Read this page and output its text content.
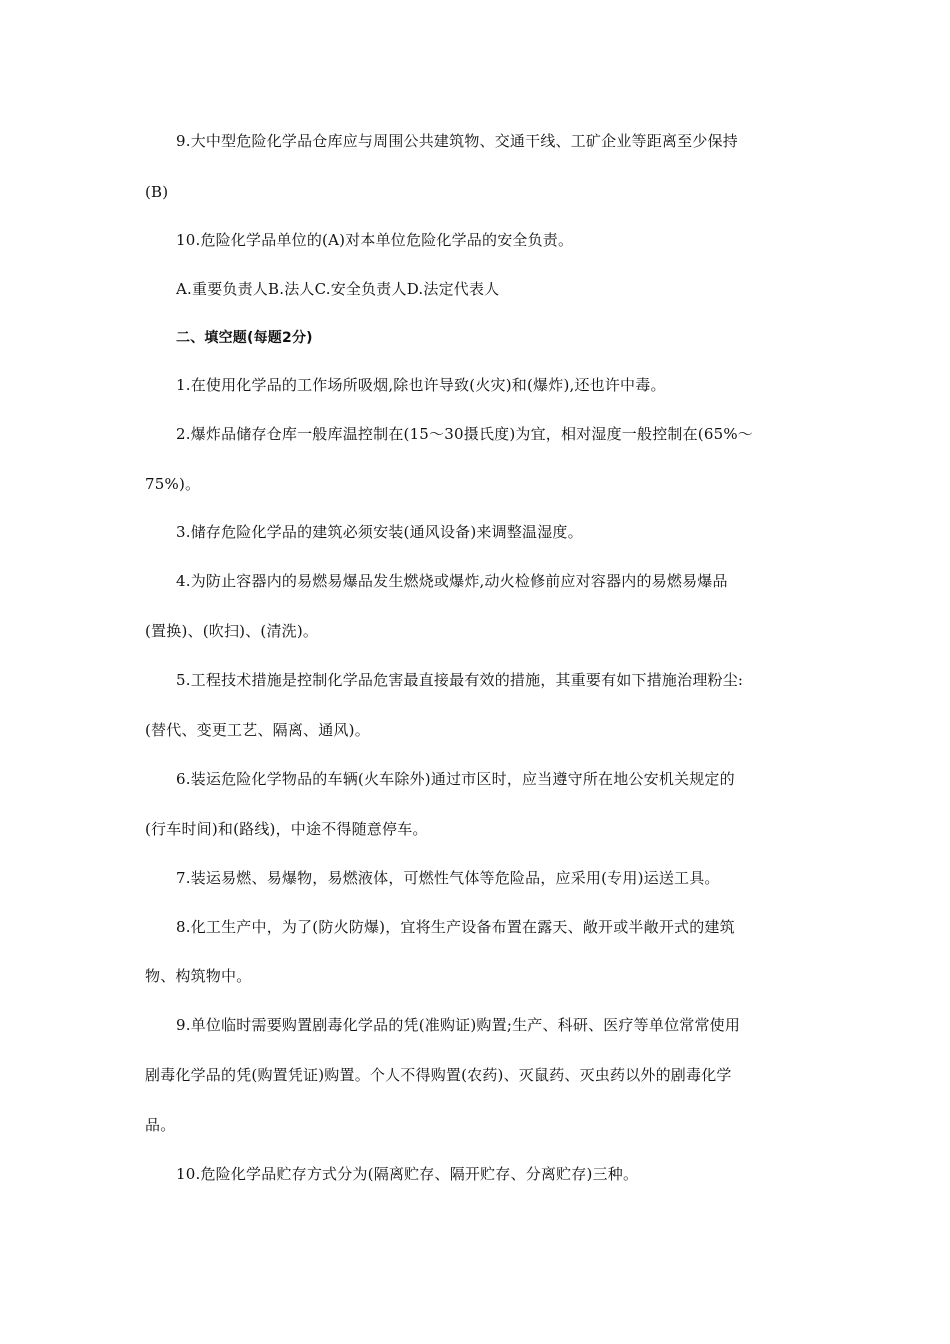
9.大中型危险化学品仓库应与周围公共建筑物、交通干线、工矿企业等距离至少保持
(B)
10.危险化学品单位的(A)对本单位危险化学品的安全负责。
A.重要负责人B.法人C.安全负责人D.法定代表人
二、填空题(每题2分)
1.在使用化学品的工作场所吸烟,除也许导致(火灾)和(爆炸),还也许中毒。
2.爆炸品储存仓库一般库温控制在(15～30摄氏度)为宜，相对湿度一般控制在(65%～
75%)。
3.储存危险化学品的建筑必须安装(通风设备)来调整温湿度。
4.为防止容器内的易燃易爆品发生燃烧或爆炸,动火检修前应对容器内的易燃易爆品
(置换)、(吹扫)、(清洗)。
5.工程技术措施是控制化学品危害最直接最有效的措施，其重要有如下措施治理粉尘:
(替代、变更工艺、隔离、通风)。
6.装运危险化学物品的车辆(火车除外)通过市区时，应当遵守所在地公安机关规定的
(行车时间)和(路线)，中途不得随意停车。
7.装运易燃、易爆物，易燃液体，可燃性气体等危险品，应采用(专用)运送工具。
8.化工生产中，为了(防火防爆)，宜将生产设备布置在露天、敞开或半敞开式的建筑
物、构筑物中。
9.单位临时需要购置剧毒化学品的凭(准购证)购置;生产、科研、医疗等单位常常使用
剧毒化学品的凭(购置凭证)购置。个人不得购置(农药)、灭鼠药、灭虫药以外的剧毒化学
品。
10.危险化学品贮存方式分为(隔离贮存、隔开贮存、分离贮存)三种。
